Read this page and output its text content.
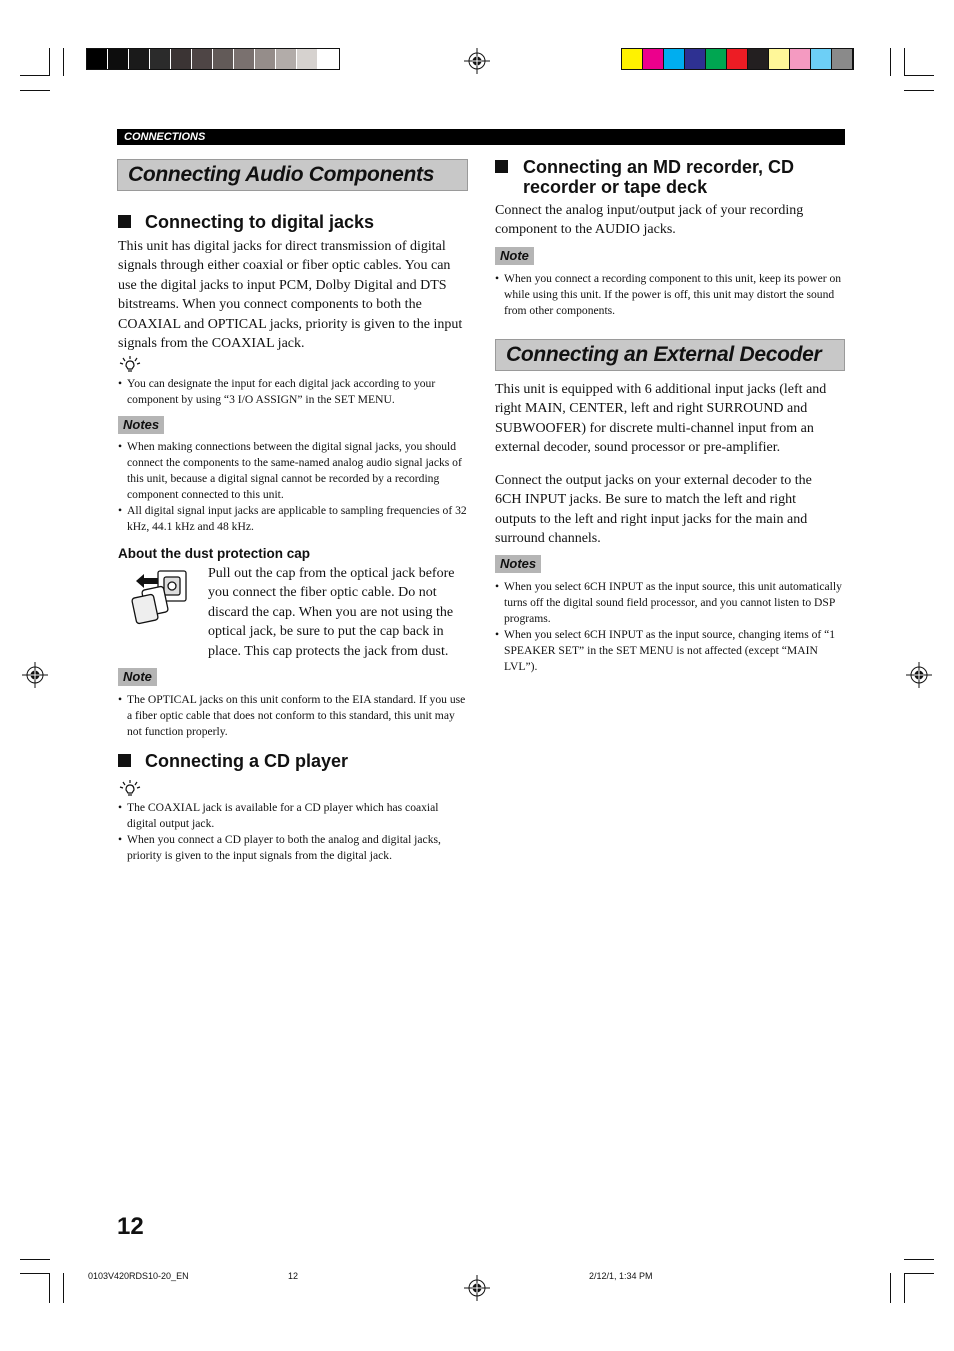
CONNECTIONS
Connecting Audio Components
Connecting to digital jacks
This unit has digital jacks for direct transmission of digital signals through either coaxial or fiber optic cables. You can use the digital jacks to input PCM, Dolby Digital and DTS bitstreams. When you connect components to both the COAXIAL and OPTICAL jacks, priority is given to the input signals from the COAXIAL jack.
• You can designate the input for each digital jack according to your component by using “3 I/O ASSIGN” in the SET MENU.
Notes
• When making connections between the digital signal jacks, you should connect the components to the same-named analog audio signal jacks of this unit, because a digital signal cannot be recorded by a recording component connected to this unit.
• All digital signal input jacks are applicable to sampling frequencies of 32 kHz, 44.1 kHz and 48 kHz.
About the dust protection cap
Pull out the cap from the optical jack before you connect the fiber optic cable. Do not discard the cap. When you are not using the optical jack, be sure to put the cap back in place. This cap protects the jack from dust.
Note
• The OPTICAL jacks on this unit conform to the EIA standard. If you use a fiber optic cable that does not conform to this standard, this unit may not function properly.
Connecting a CD player
• The COAXIAL jack is available for a CD player which has coaxial digital output jack.
• When you connect a CD player to both the analog and digital jacks, priority is given to the input signals from the digital jack.
Connecting an MD recorder, CD recorder or tape deck
Connect the analog input/output jack of your recording component to the AUDIO jacks.
Note
• When you connect a recording component to this unit, keep its power on while using this unit. If the power is off, this unit may distort the sound from other components.
Connecting an External Decoder
This unit is equipped with 6 additional input jacks (left and right MAIN, CENTER, left and right SURROUND and SUBWOOFER) for discrete multi-channel input from an external decoder, sound processor or pre-amplifier.
Connect the output jacks on your external decoder to the 6CH INPUT jacks. Be sure to match the left and right outputs to the left and right input jacks for the main and surround channels.
Notes
• When you select 6CH INPUT as the input source, this unit automatically turns off the digital sound field processor, and you cannot listen to DSP programs.
• When you select 6CH INPUT as the input source, changing items of “1 SPEAKER SET” in the SET MENU is not affected (except “MAIN LVL”).
12
0103V420RDS10-20_EN	12	2/12/1, 1:34 PM
